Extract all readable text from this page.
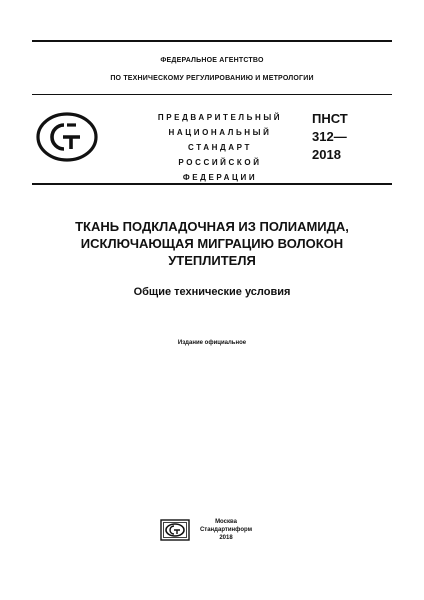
ФЕДЕРАЛЬНОЕ АГЕНТСТВО
ПО ТЕХНИЧЕСКОМУ РЕГУЛИРОВАНИЮ И МЕТРОЛОГИИ
ПРЕДВАРИТЕЛЬНЫЙ
НАЦИОНАЛЬНЫЙ
СТАНДАРТ
РОССИЙСКОЙ
ФЕДЕРАЦИИ
ПНСТ
312—
2018
ТКАНЬ ПОДКЛАДОЧНАЯ ИЗ ПОЛИАМИДА,
ИСКЛЮЧАЮЩАЯ МИГРАЦИЮ ВОЛОКОН
УТЕПЛИТЕЛЯ
Общие технические условия
Издание официальное
Москва
Стандартинформ
2018
